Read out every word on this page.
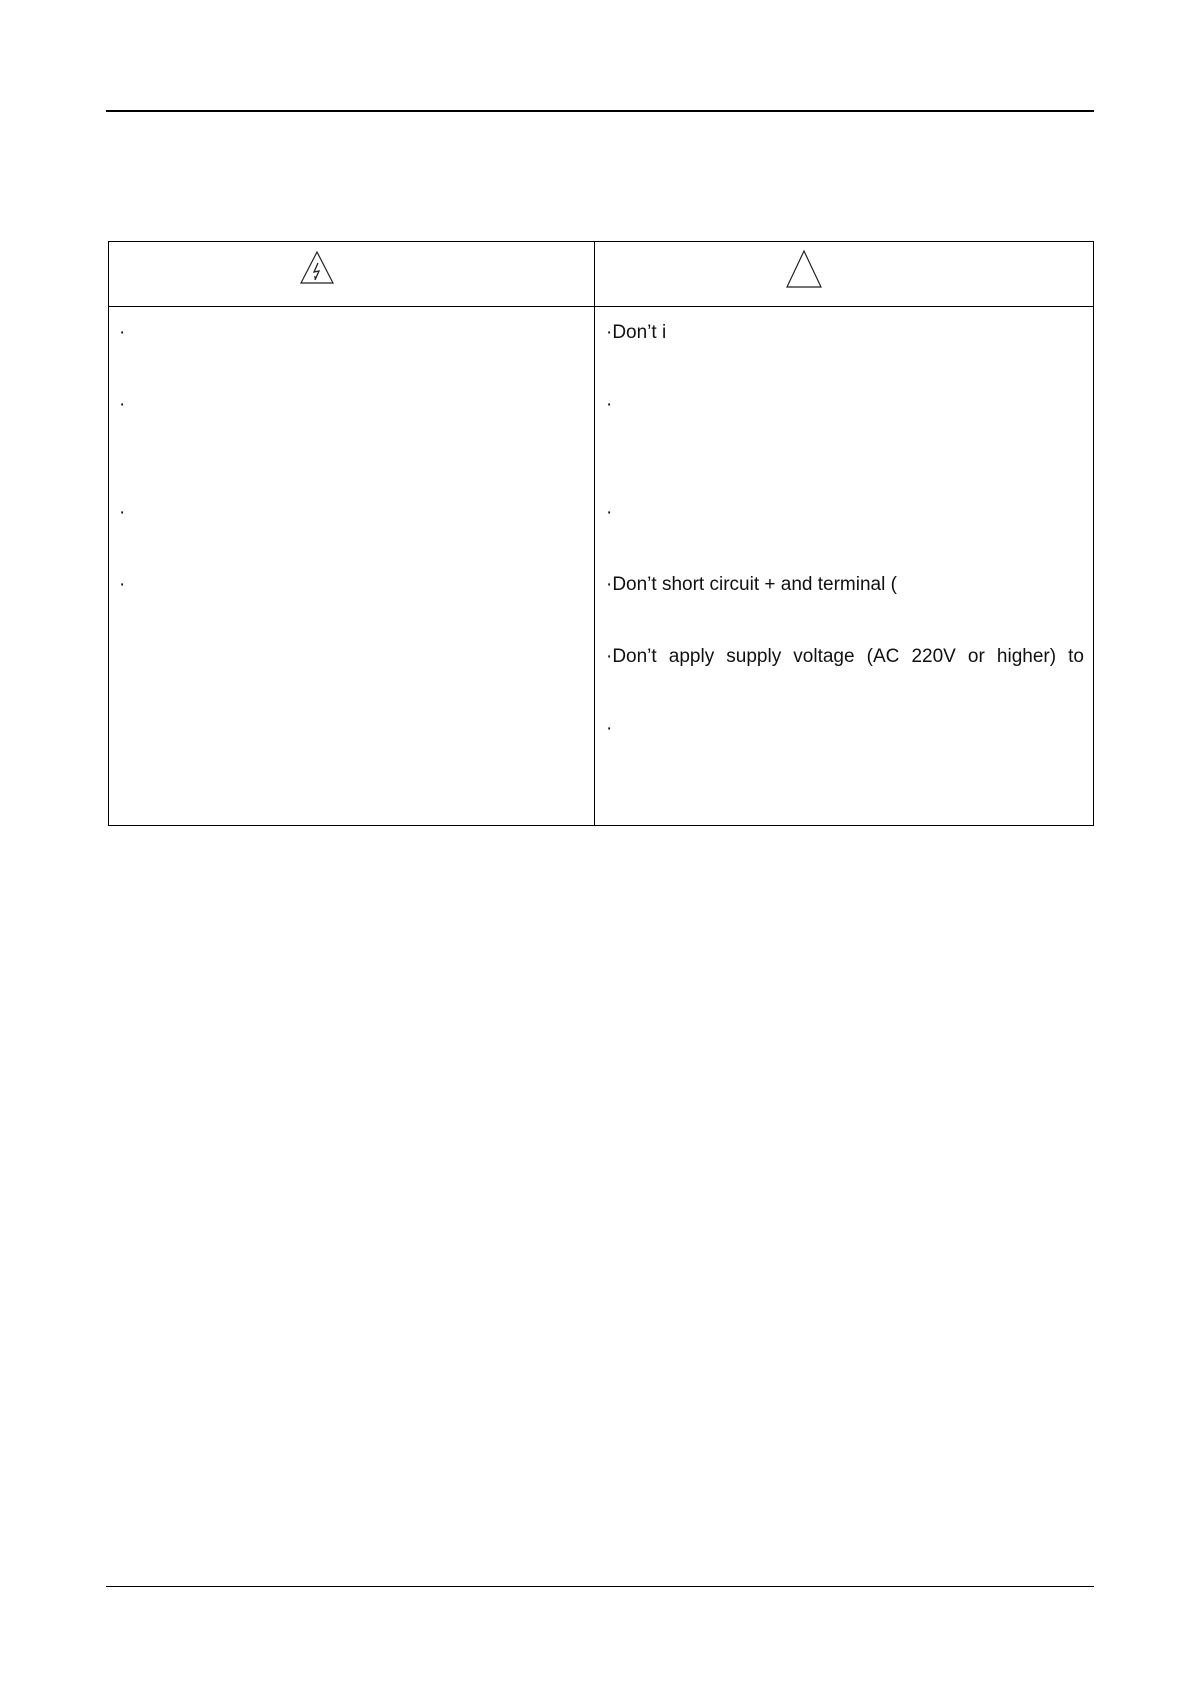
·
·
·
·
·Don’t i
·
·
·Don’t short circuit + and terminal (
·Don’t apply supply voltage (AC 220V or higher) to
·
